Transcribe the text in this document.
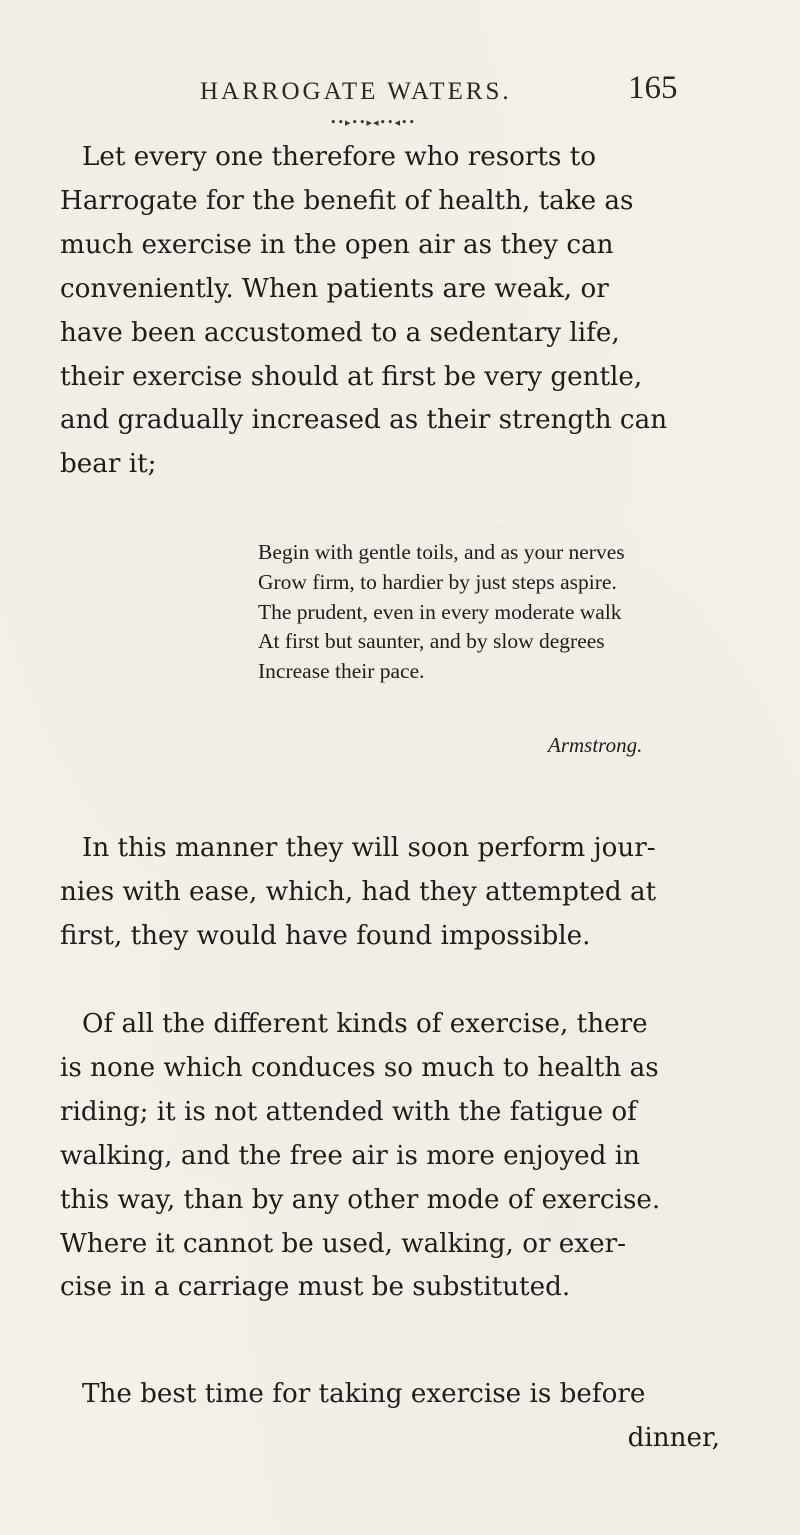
HARROGATE WATERS.	165
••▸••▸◂••◂••
Let every one therefore who resorts to
Harrogate for the benefit of health, take as
much exercise in the open air as they can
conveniently. When patients are weak, or
have been accustomed to a sedentary life,
their exercise should at first be very gentle,
and gradually increased as their strength can
bear it;
Begin with gentle toils, and as your nerves
Grow firm, to hardier by just steps aspire.
The prudent, even in every moderate walk
At first but saunter, and by slow degrees
Increase their pace.
Armstrong.
In this manner they will soon perform jour-
nies with ease, which, had they attempted at
first, they would have found impossible.
Of all the different kinds of exercise, there
is none which conduces so much to health as
riding; it is not attended with the fatigue of
walking, and the free air is more enjoyed in
this way, than by any other mode of exercise.
Where it cannot be used, walking, or exer-
cise in a carriage must be substituted.
The best time for taking exercise is before
dinner,
